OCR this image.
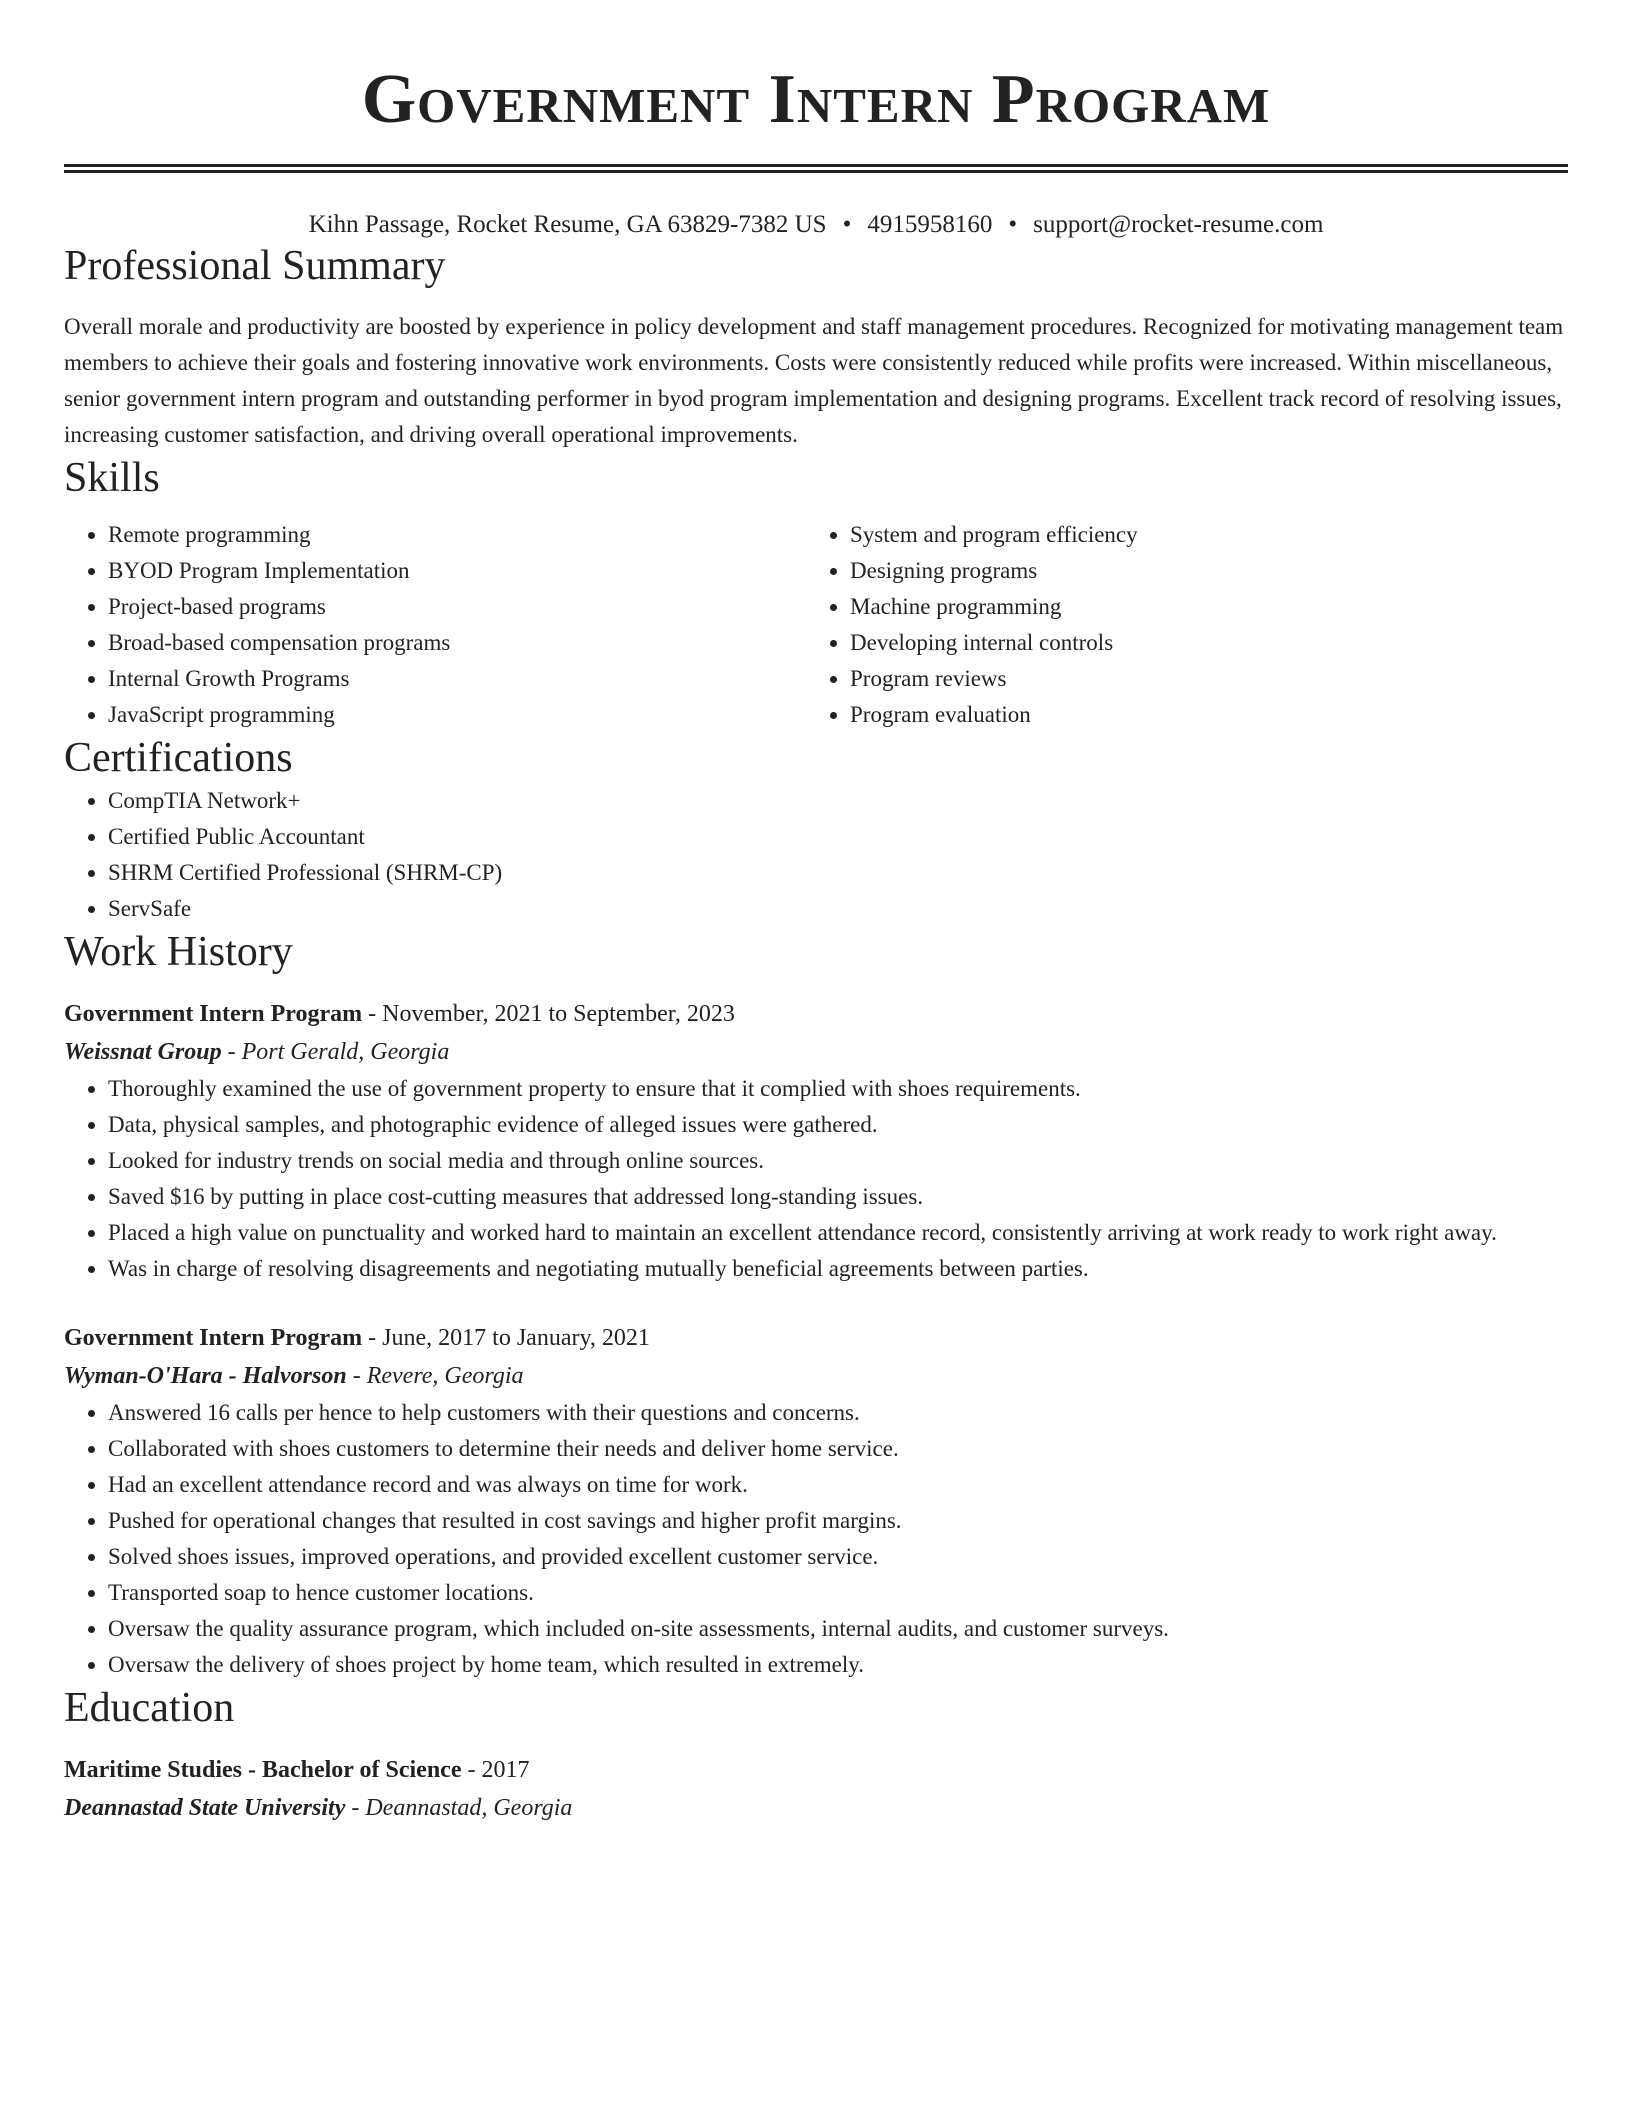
Government Intern Program
Kihn Passage, Rocket Resume, GA 63829-7382 US • 4915958160 • support@rocket-resume.com
Professional Summary

Overall morale and productivity are boosted by experience in policy development and staff management procedures. Recognized for motivating management team members to achieve their goals and fostering innovative work environments. Costs were consistently reduced while profits were increased. Within miscellaneous, senior government intern program and outstanding performer in byod program implementation and designing programs. Excellent track record of resolving issues, increasing customer satisfaction, and driving overall operational improvements.

Skills
• Remote programming
• BYOD Program Implementation
• Project-based programs
• Broad-based compensation programs
• Internal Growth Programs
• JavaScript programming
• System and program efficiency
• Designing programs
• Machine programming
• Developing internal controls
• Program reviews
• Program evaluation
Certifications
• CompTIA Network+
• Certified Public Accountant
• SHRM Certified Professional (SHRM-CP)
• ServSafe
Work History
Government Intern Program - November, 2021 to September, 2023
Weissnat Group - Port Gerald, Georgia
• Thoroughly examined the use of government property to ensure that it complied with shoes requirements.
• Data, physical samples, and photographic evidence of alleged issues were gathered.
• Looked for industry trends on social media and through online sources.
• Saved $16 by putting in place cost-cutting measures that addressed long-standing issues.
• Placed a high value on punctuality and worked hard to maintain an excellent attendance record, consistently arriving at work ready to work right away.
• Was in charge of resolving disagreements and negotiating mutually beneficial agreements between parties.
Government Intern Program - June, 2017 to January, 2021
Wyman-O'Hara - Halvorson - Revere, Georgia
• Answered 16 calls per hence to help customers with their questions and concerns.
• Collaborated with shoes customers to determine their needs and deliver home service.
• Had an excellent attendance record and was always on time for work.
• Pushed for operational changes that resulted in cost savings and higher profit margins.
• Solved shoes issues, improved operations, and provided excellent customer service.
• Transported soap to hence customer locations.
• Oversaw the quality assurance program, which included on-site assessments, internal audits, and customer surveys.
• Oversaw the delivery of shoes project by home team, which resulted in extremely.
Education
Maritime Studies - Bachelor of Science - 2017
Deannastad State University - Deannastad, Georgia
